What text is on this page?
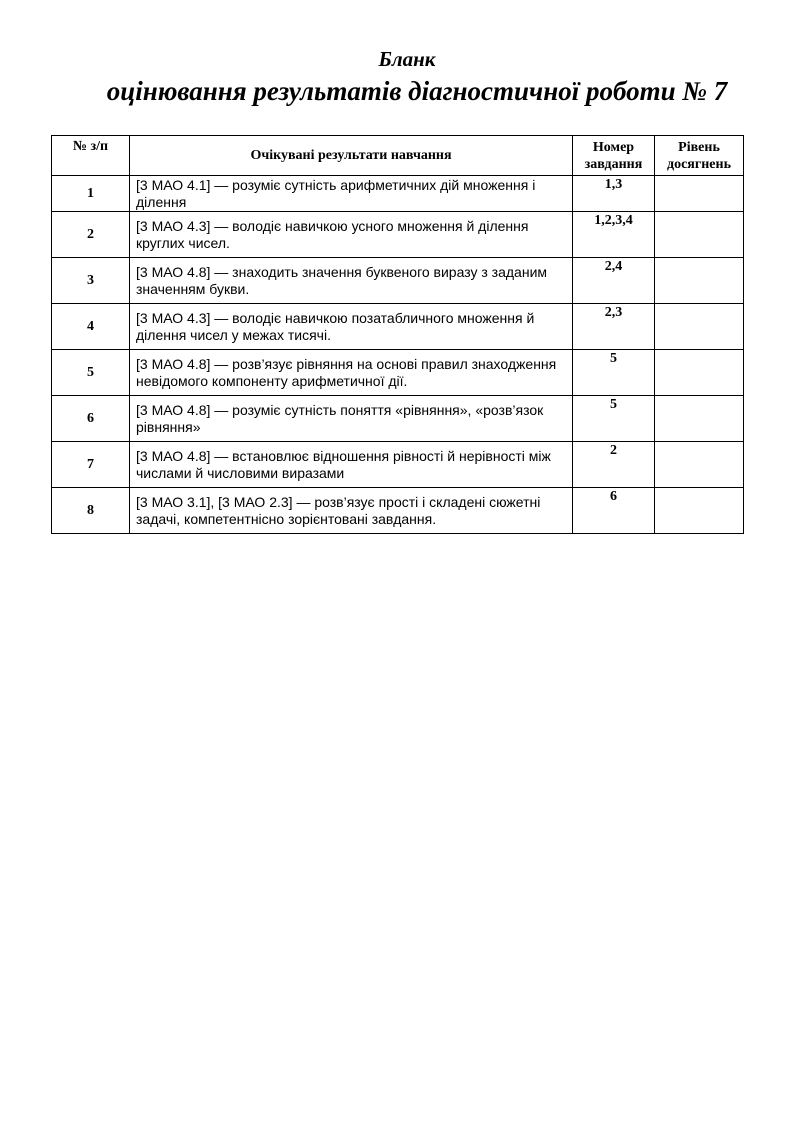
Бланк
оцінювання результатів діагностичної роботи № 7
№ з/п	Очікувані результати навчання	Номер завдання	Рівень досягнень
1	[3 МАО 4.1] — розуміє сутність арифметичних дій множення і ділення	1,3	
2	[3 МАО 4.3] — володіє навичкою усного множення й ділення круглих чисел.	1,2,3,4	
3	[3 МАО 4.8] — знаходить значення буквеного виразу з заданим значенням букви.	2,4	
4	[3 МАО 4.3] — володіє навичкою позатабличного множення й ділення чисел у межах тисячі.	2,3	
5	[3 МАО 4.8] — розв’язує рівняння на основі правил знаходження невідомого компоненту арифметичної дії.	5	
6	[3 МАО 4.8] — розуміє сутність поняття «рівняння», «розв’язок рівняння»	5	
7	[3 МАО 4.8] — встановлює відношення рівності й нерівності між числами й числовими виразами	2	
8	[3 МАО 3.1], [3 МАО 2.3] — розв’язує прості і складені сюжетні задачі, компетентнісно зорієнтовані завдання.	6	
